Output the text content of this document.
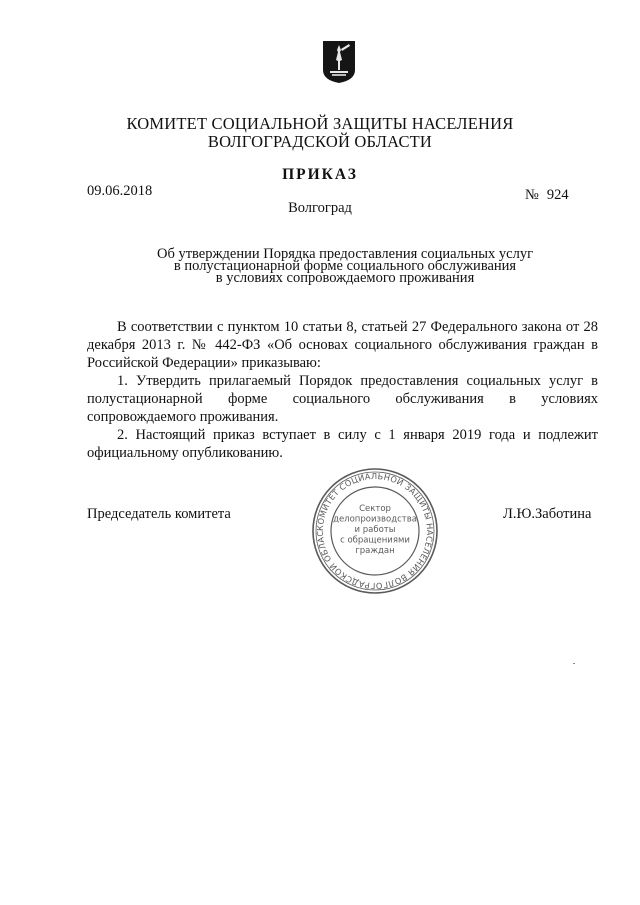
КОМИТЕТ СОЦИАЛЬНОЙ ЗАЩИТЫ НАСЕЛЕНИЯ
ВОЛГОГРАДСКОЙ ОБЛАСТИ
ПРИКАЗ
09.06.2018	№ 924
Волгоград
Об утверждении Порядка предоставления социальных услуг
в полустационарной форме социального обслуживания
в условиях сопровождаемого проживания

В соответствии с пунктом 10 статьи 8, статьей 27 Федерального закона от 28 декабря 2013 г. № 442-ФЗ «Об основах социального обслуживания граждан в Российской Федерации» приказываю:

1. Утвердить прилагаемый Порядок предоставления социальных услуг в полустационарной форме социального обслуживания в условиях сопровождаемого проживания.

2. Настоящий приказ вступает в силу с 1 января 2019 года и подлежит официальному опубликованию.

КОМИТЕТ СОЦИАЛЬНОЙ ЗАЩИТЫ НАСЕЛЕНИЯ ВОЛГОГРАДСКОЙ ОБЛАС
Сектор
делопроизводства
и работы
с обращениями
граждан
Председатель комитета	Л.Ю.Заботина
